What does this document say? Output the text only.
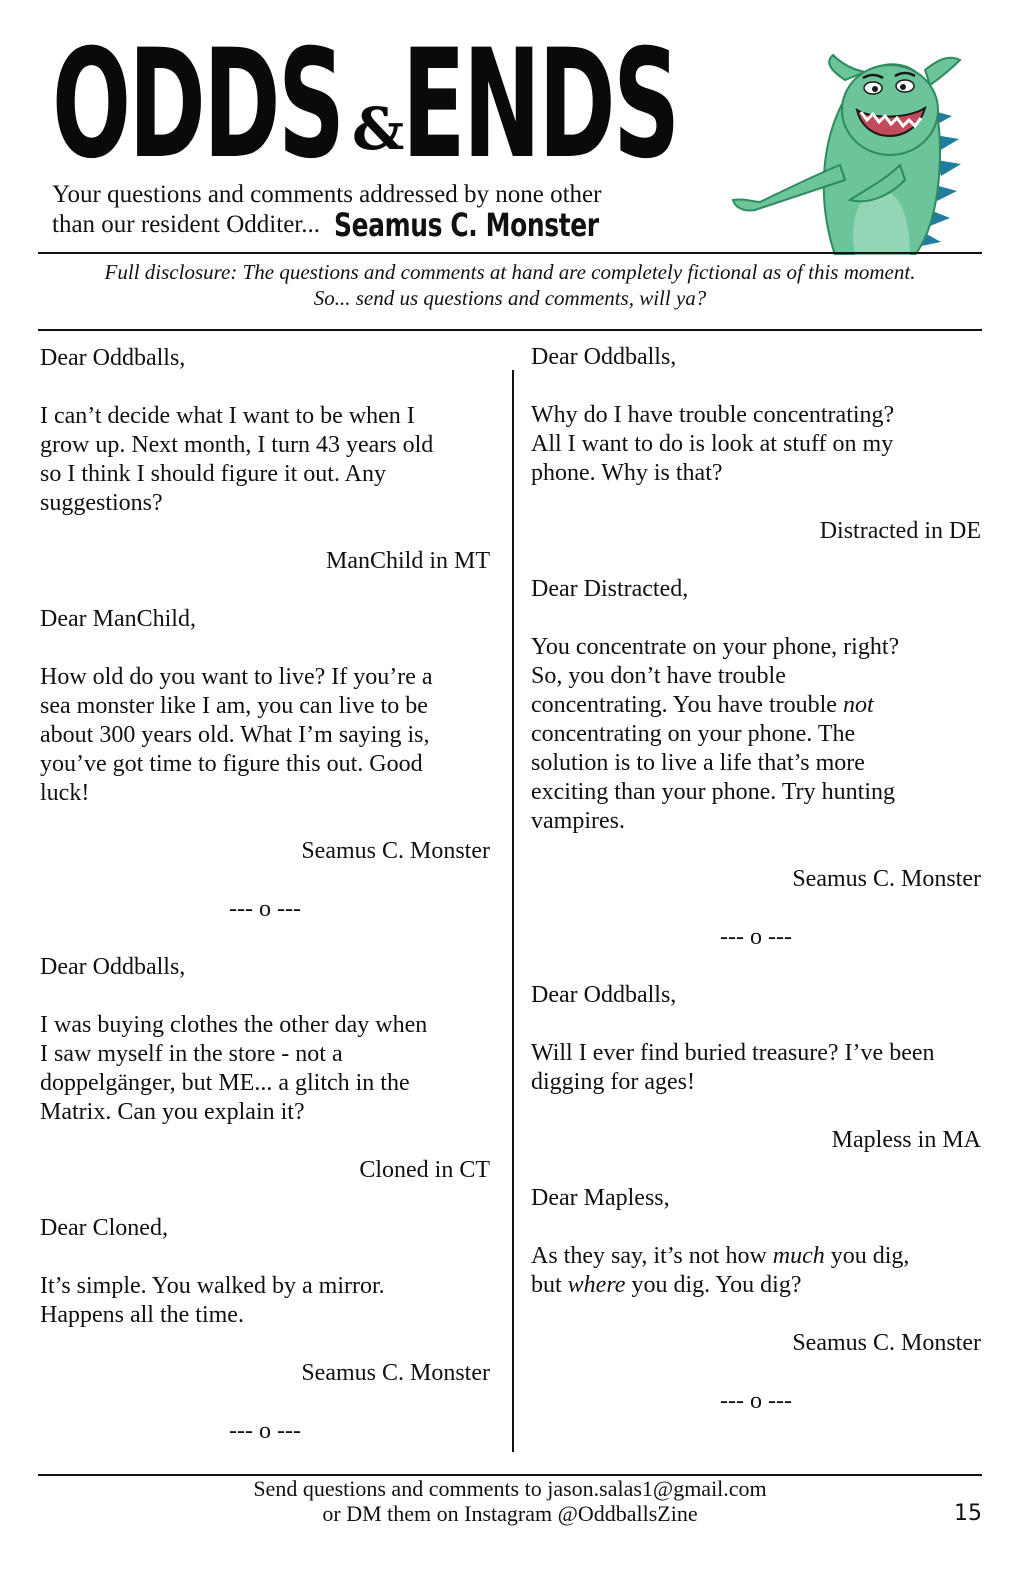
ODDS &
ENDS
Your questions and comments addressed by none other
than our resident Odditer... Seamus C. Monster
Full disclosure: The questions and comments at hand are completely fictional as of this moment.
So... send us questions and comments, will ya?

Dear Oddballs,

I can’t decide what I want to be when I

grow up. Next month, I turn 43 years old

so I think I should figure it out. Any

suggestions?

ManChild in MT

Dear ManChild,

How old do you want to live? If you’re a

sea monster like I am, you can live to be

about 300 years old. What I’m saying is,

you’ve got time to figure this out. Good

luck!

Seamus C. Monster

--- o ---

Dear Oddballs,

I was buying clothes the other day when

I saw myself in the store - not a

doppelgänger, but ME... a glitch in the

Matrix. Can you explain it?

Cloned in CT

Dear Cloned,

It’s simple. You walked by a mirror.

Happens all the time.

Seamus C. Monster

--- o ---

Dear Oddballs,

Why do I have trouble concentrating?

All I want to do is look at stuff on my

phone. Why is that?

Distracted in DE

Dear Distracted,

You concentrate on your phone, right?

So, you don’t have trouble

concentrating. You have trouble not

concentrating on your phone. The

solution is to live a life that’s more

exciting than your phone. Try hunting

vampires.

Seamus C. Monster

--- o ---

Dear Oddballs,

Will I ever find buried treasure? I’ve been

digging for ages!

Mapless in MA

Dear Mapless,

As they say, it’s not how much you dig,

but where you dig. You dig?

Seamus C. Monster

--- o ---

Send questions and comments to jason.salas1@gmail.com
or DM them on Instagram @OddballsZine	15
